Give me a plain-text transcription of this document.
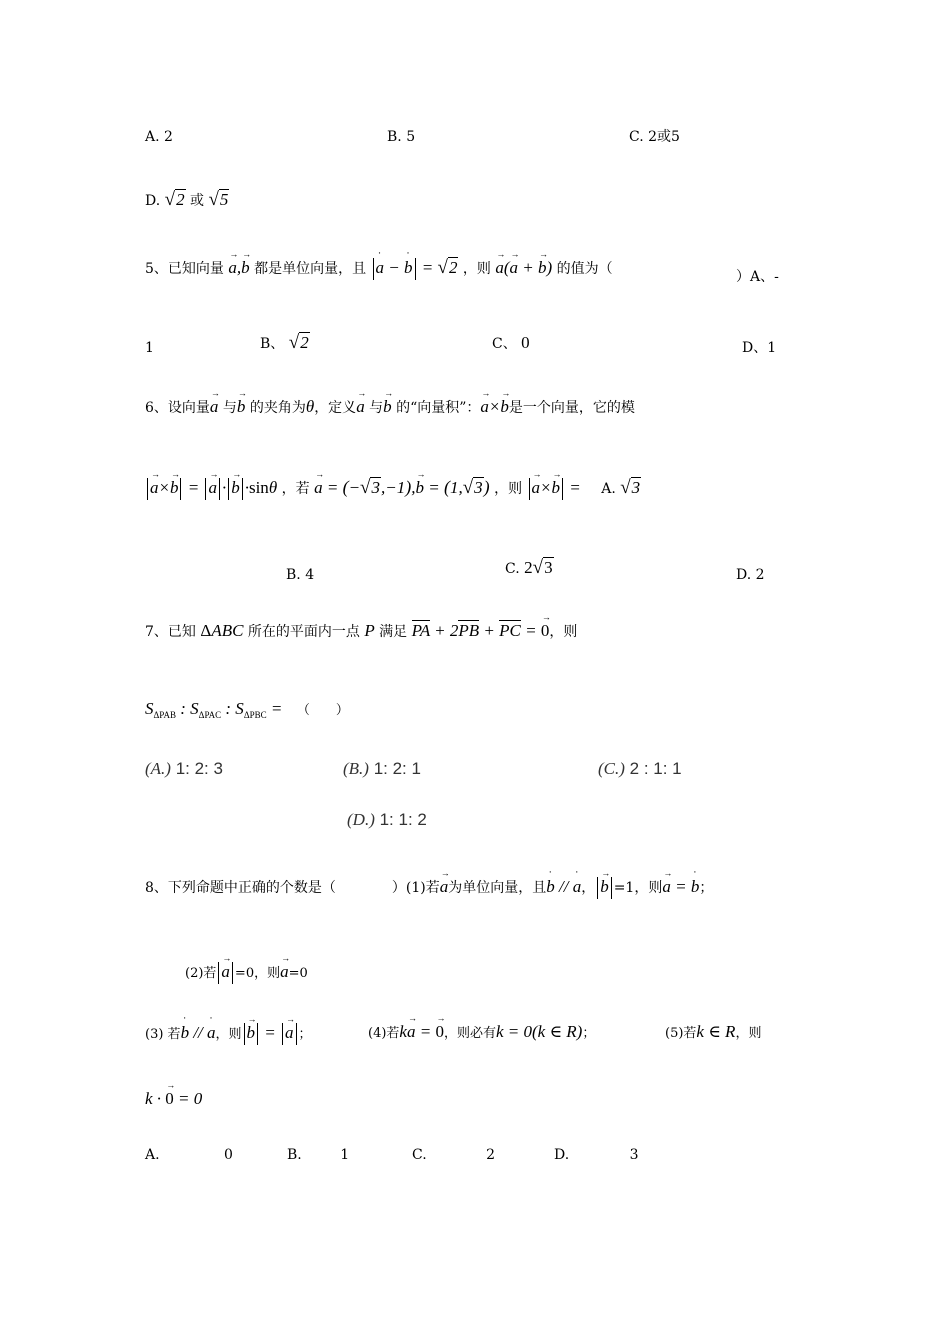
A. 2	B. 5	C. 2或5
D. √2 或 √5
5、已知向量 → a,→ b 都是单位向量，且 ˙ a − ˙ b = √2 ，则 → a(→ a + → b) 的值为（	）A、-
1	B、 √2	C、 0	D、1
6、设向量→ a 与→ b 的夹角为θ，定义→ a 与→ b 的“向量积”：→ a×→ b是一个向量，它的模
→ a×→ b = → a · → b ·sinθ ，若 → a = (−√3,−1),→ b = (1,√3) ，则 → a×→ b = A. √3
B. 4	C. 2√3	D. 2
7、已知 ΔABC 所在的平面内一点 P 满足 PA + 2PB + PC = → 0，则
$S_{\Delta PAB}$ : $S_{\Delta PAC}$ : $S_{\Delta PBC}$ = （　　）
(A.) 1: 2: 3	(B.) 1: 2: 1	(C.) 2 : 1: 1
(D.) 1: 1: 2
8、下列命题中正确的个数是（　　　　）(1)若→ a为单位向量，且˙ b // ˙ a， → b =1，则→ a = ˙ b；
(2)若 → a =0，则→ a=0
(3) 若˙ b // ˙ a，则 → b = → a ；	(4)若k→ a = → 0，则必有k = 0(k ∈ R)；	(5)若k ∈ R，则
k · → 0 = 0
A.	0	B.	1	C.	2	D.	3
